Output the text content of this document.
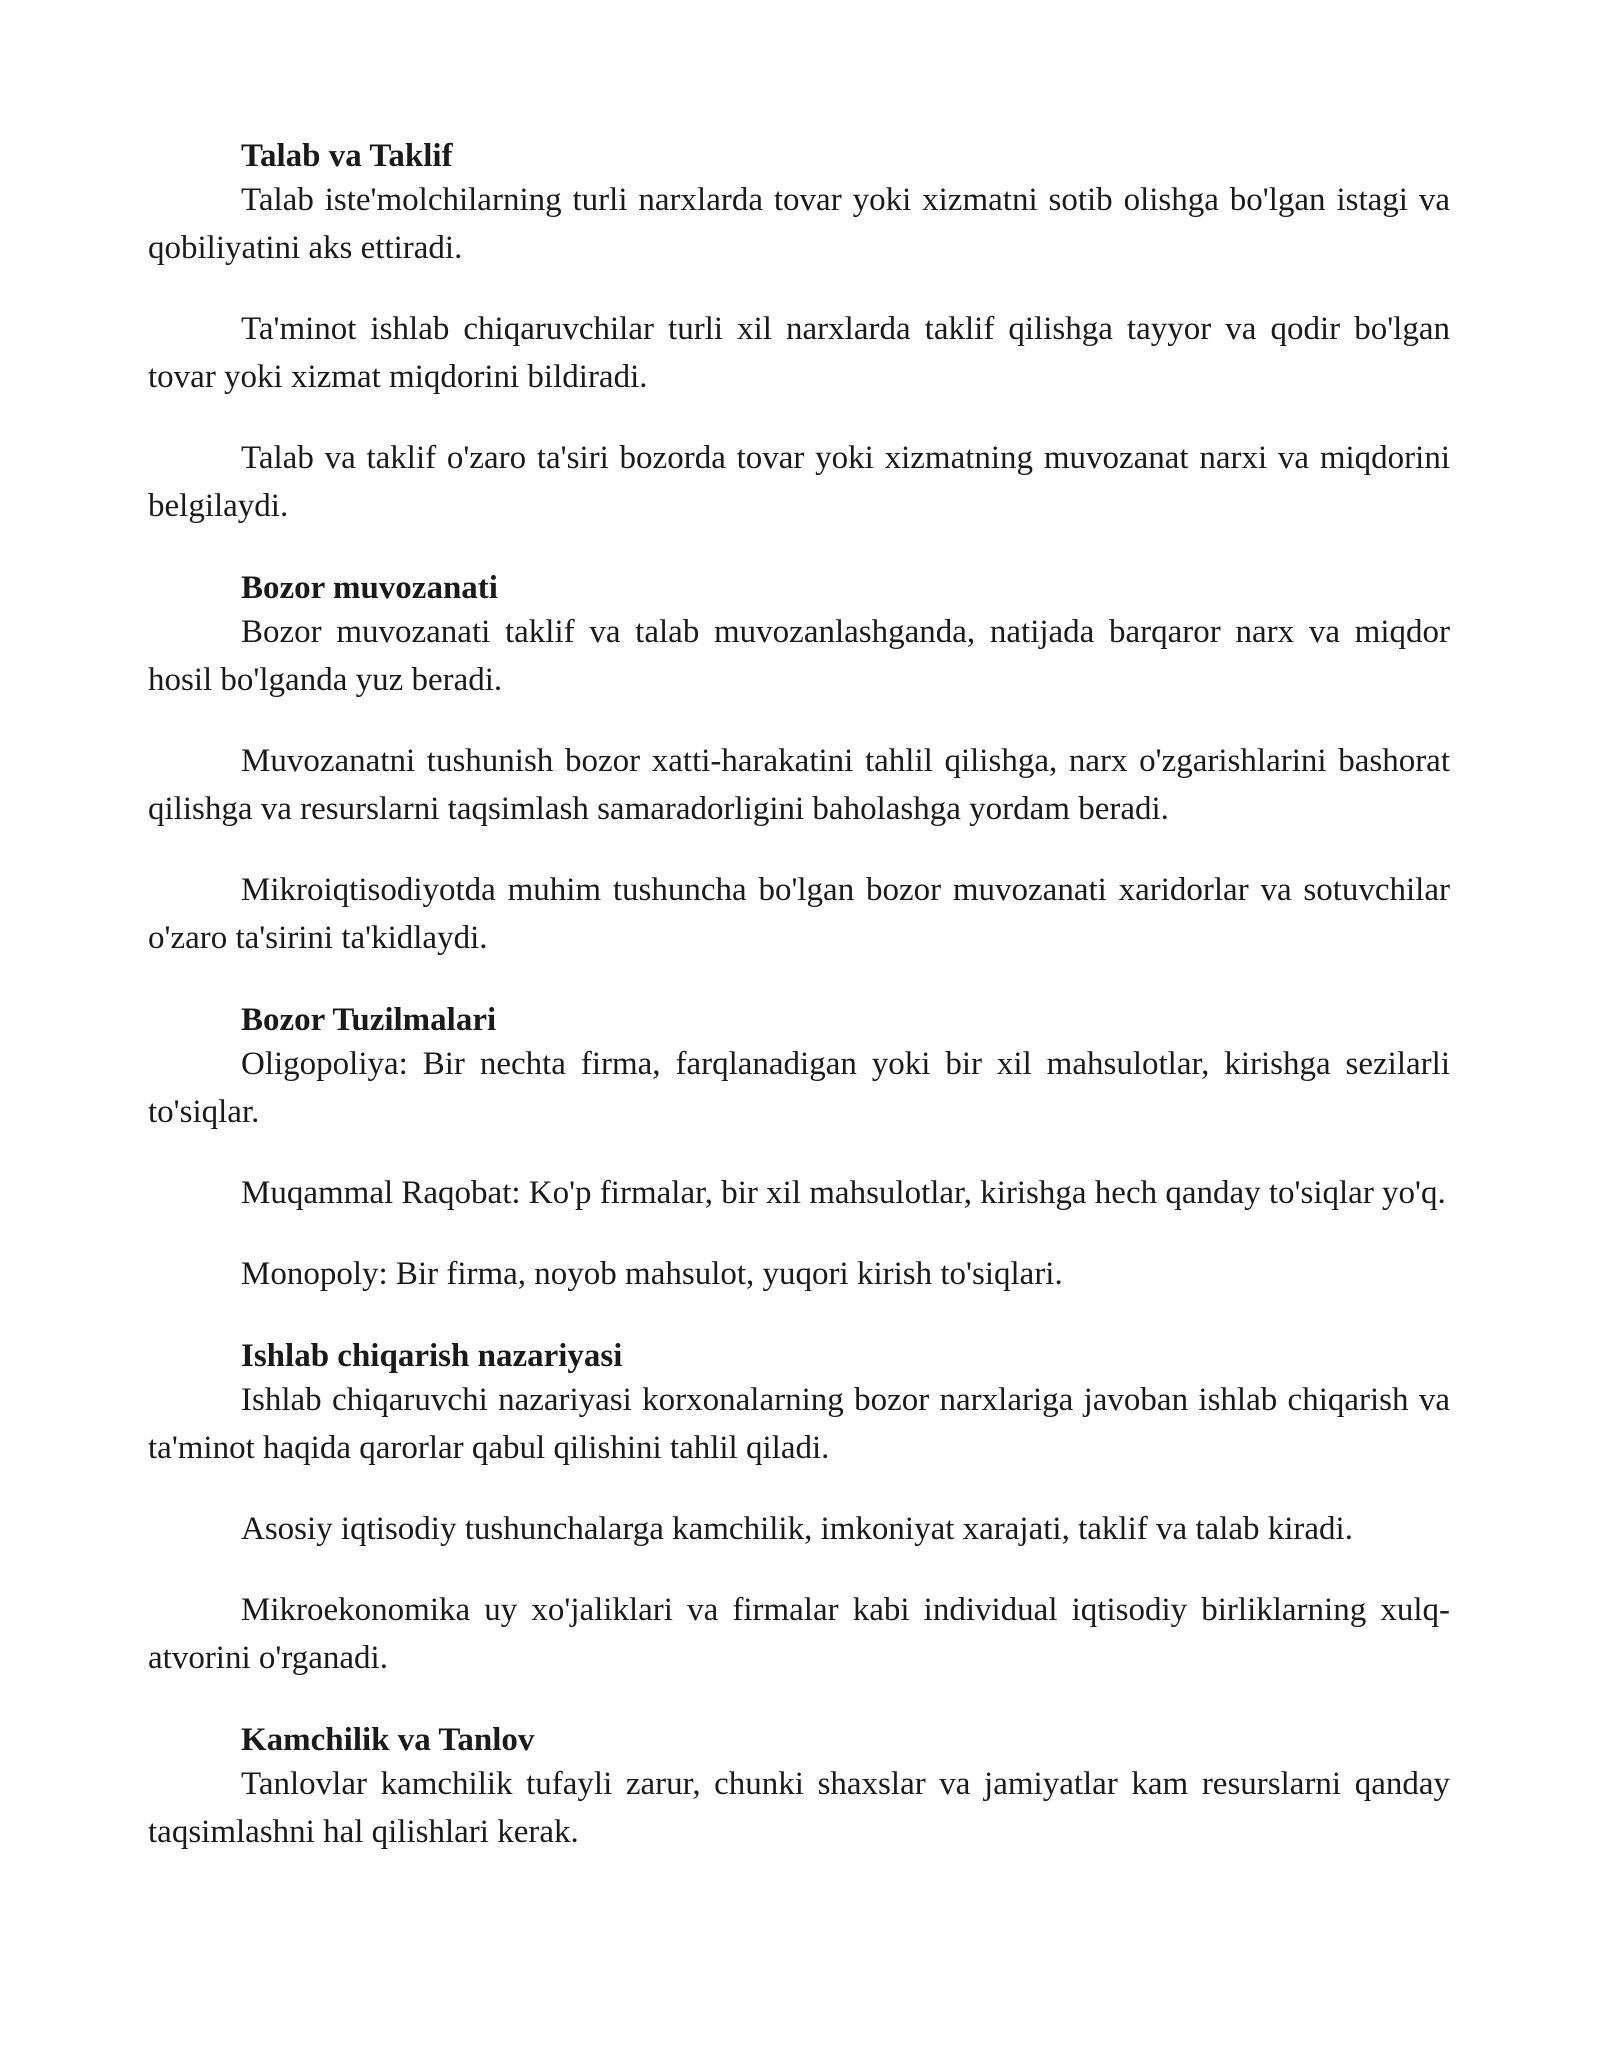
Talab va Taklif

Talab iste'molchilarning turli narxlarda tovar yoki xizmatni sotib olishga bo'lgan istagi va qobiliyatini aks ettiradi.

Ta'minot ishlab chiqaruvchilar turli xil narxlarda taklif qilishga tayyor va qodir bo'lgan tovar yoki xizmat miqdorini bildiradi.

Talab va taklif o'zaro ta'siri bozorda tovar yoki xizmatning muvozanat narxi va miqdorini belgilaydi.

Bozor muvozanati

Bozor muvozanati taklif va talab muvozanlashganda, natijada barqaror narx va miqdor hosil bo'lganda yuz beradi.

Muvozanatni tushunish bozor xatti-harakatini tahlil qilishga, narx o'zgarishlarini bashorat qilishga va resurslarni taqsimlash samaradorligini baholashga yordam beradi.

Mikroiqtisodiyotda muhim tushuncha bo'lgan bozor muvozanati xaridorlar va sotuvchilar o'zaro ta'sirini ta'kidlaydi.

Bozor Tuzilmalari

Oligopoliya: Bir nechta firma, farqlanadigan yoki bir xil mahsulotlar, kirishga sezilarli to'siqlar.

Muqammal Raqobat: Ko'p firmalar, bir xil mahsulotlar, kirishga hech qanday to'siqlar yo'q.

Monopoly: Bir firma, noyob mahsulot, yuqori kirish to'siqlari.

Ishlab chiqarish nazariyasi

Ishlab chiqaruvchi nazariyasi korxonalarning bozor narxlariga javoban ishlab chiqarish va ta'minot haqida qarorlar qabul qilishini tahlil qiladi.

Asosiy iqtisodiy tushunchalarga kamchilik, imkoniyat xarajati, taklif va talab kiradi.

Mikroekonomika uy xo'jaliklari va firmalar kabi individual iqtisodiy birliklarning xulq-atvorini o'rganadi.

Kamchilik va Tanlov

Tanlovlar kamchilik tufayli zarur, chunki shaxslar va jamiyatlar kam resurslarni qanday taqsimlashni hal qilishlari kerak.
